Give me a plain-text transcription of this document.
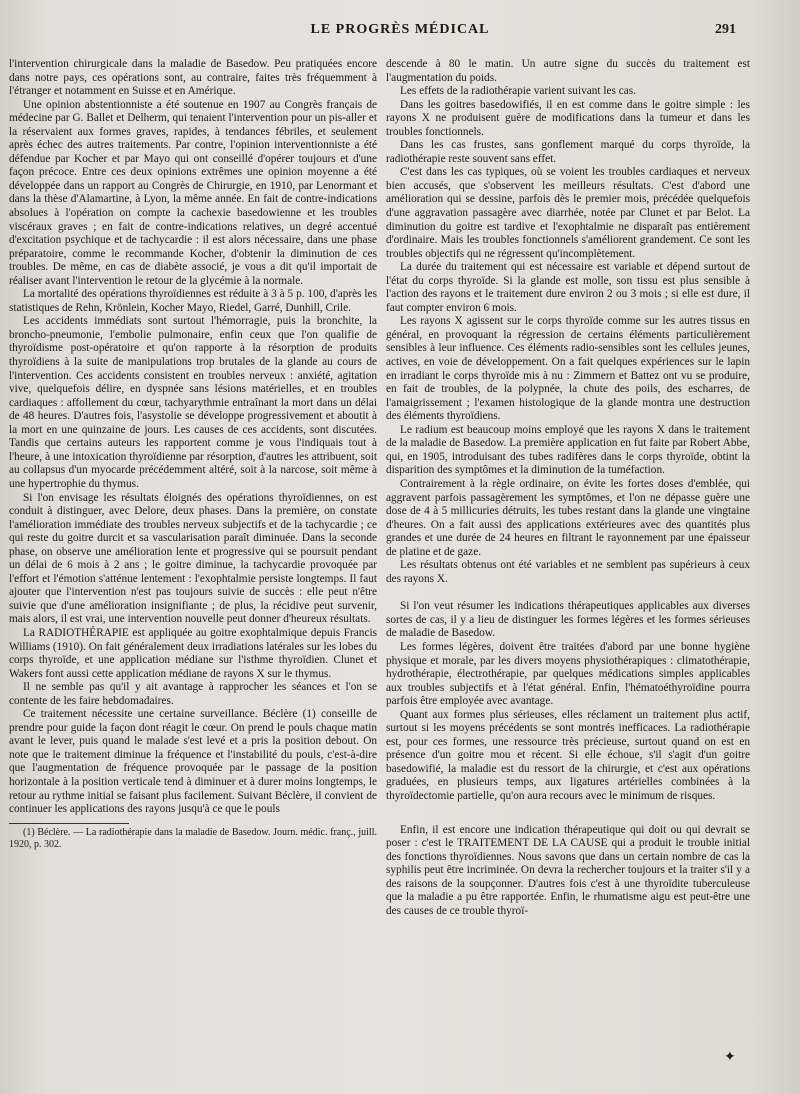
LE PROGRÈS MÉDICAL	291

l'intervention chirurgicale dans la maladie de Basedow. Peu pratiquées encore dans notre pays, ces opérations sont, au contraire, faites très fréquemment à l'étranger et notamment en Suisse et en Amérique.

Une opinion abstentionniste a été soutenue en 1907 au Congrès français de médecine par G. Ballet et Delherm, qui tenaient l'intervention pour un pis-aller et la réservaient aux formes graves, rapides, à tendances fébriles, et seulement après échec des autres traitements. Par contre, l'opinion interventionniste a été défendue par Kocher et par Mayo qui ont conseillé d'opérer toujours et d'une façon précoce. Entre ces deux opinions extrêmes une opinion moyenne a été développée dans un rapport au Congrès de Chirurgie, en 1910, par Lenormant et dans la thèse d'Alamartine, à Lyon, la même année. En fait de contre-indications absolues à l'opération on compte la cachexie basedowienne et les troubles viscéraux graves ; en fait de contre-indications relatives, un degré accentué d'excitation psychique et de tachycardie : il est alors nécessaire, dans une phase préparatoire, comme le recommande Kocher, d'obtenir la diminution de ces troubles. De même, en cas de diabète associé, je vous a dit qu'il importait de réaliser avant l'intervention le retour de la glycémie à la normale.

La mortalité des opérations thyroïdiennes est réduite à 3 à 5 p. 100, d'après les statistiques de Rehn, Krönlein, Kocher Mayo, Riedel, Garré, Dunhill, Crile.

Les accidents immédiats sont surtout l'hémorragie, puis la bronchite, la broncho-pneumonie, l'embolie pulmonaire, enfin ceux que l'on qualifie de thyroïdisme post-opératoire et qu'on rapporte à la résorption de produits thyroïdiens à la suite de manipulations trop brutales de la glande au cours de l'intervention. Ces accidents consistent en troubles nerveux : anxiété, agitation vive, quelquefois délire, en dyspnée sans lésions matérielles, et en troubles cardiaques : affollement du cœur, tachyarythmie entraînant la mort dans un délai de 48 heures. D'autres fois, l'asystolie se développe progressivement et aboutit à la mort en une quinzaine de jours. Les causes de ces accidents, sont discutées. Tandis que certains auteurs les rapportent comme je vous l'indiquais tout à l'heure, à une intoxication thyroïdienne par résorption, d'autres les attribuent, soit au collapsus d'un myocarde précédemment altéré, soit à la narcose, soit même à une hypertrophie du thymus.

Si l'on envisage les résultats éloignés des opérations thyroïdiennes, on est conduit à distinguer, avec Delore, deux phases. Dans la première, on constate l'amélioration immédiate des troubles nerveux subjectifs et de la tachycardie ; ce qui reste du goitre durcit et sa vascularisation paraît diminuée. Dans la seconde phase, on observe une amélioration lente et progressive qui se poursuit pendant un délai de 6 mois à 2 ans ; le goitre diminue, la tachycardie provoquée par l'effort et l'émotion s'atténue lentement : l'exophtalmie persiste longtemps. Il faut ajouter que l'intervention n'est pas toujours suivie de succès : elle peut n'être suivie que d'une amélioration insignifiante ; de plus, la récidive peut survenir, mais alors, il est vrai, une intervention nouvelle peut donner d'heureux résultats.

La RADIOTHÉRAPIE est appliquée au goitre exophtalmique depuis Francis Williams (1910). On fait généralement deux irradiations latérales sur les lobes du corps thyroïde, et une application médiane sur l'isthme thyroïdien. Clunet et Wakers font aussi cette application médiane de rayons X sur le thymus.

Il ne semble pas qu'il y ait avantage à rapprocher les séances et l'on se contente de les faire hebdomadaires.

Ce traitement nécessite une certaine surveillance. Béclère (1) conseille de prendre pour guide la façon dont réagit le cœur. On prend le pouls chaque matin avant le lever, puis quand le malade s'est levé et a pris la position debout. On note que le traitement diminue la fréquence et l'instabilité du pouls, c'est-à-dire que l'augmentation de fréquence provoquée par le passage de la position horizontale à la position verticale tend à diminuer et à durer moins longtemps, le retour au rythme initial se faisant plus facilement. Suivant Béclère, il convient de continuer les applications des rayons jusqu'à ce que le pouls

(1) Béclère. — La radiothérapie dans la maladie de Basedow. Journ. médic. franç., juill. 1920, p. 302.

descende à 80 le matin. Un autre signe du succès du traitement est l'augmentation du poids.

Les effets de la radiothérapie varient suivant les cas.

Dans les goitres basedowifiés, il en est comme dans le goitre simple : les rayons X ne produisent guère de modifications dans la tumeur et dans les troubles fonctionnels.

Dans les cas frustes, sans gonflement marqué du corps thyroïde, la radiothérapie reste souvent sans effet.

C'est dans les cas typiques, où se voient les troubles cardiaques et nerveux bien accusés, que s'observent les meilleurs résultats. C'est d'abord une amélioration qui se dessine, parfois dès le premier mois, précédée quelquefois d'une aggravation passagère avec diarrhée, notée par Clunet et par Belot. La diminution du goitre est tardive et l'exophtalmie ne disparaît pas entièrement d'ordinaire. Mais les troubles fonctionnels s'améliorent grandement. Ce sont les troubles objectifs qui ne régressent qu'incomplètement.

La durée du traitement qui est nécessaire est variable et dépend surtout de l'état du corps thyroïde. Si la glande est molle, son tissu est plus sensible à l'action des rayons et le traitement dure environ 2 ou 3 mois ; si elle est dure, il faut compter environ 6 mois.

Les rayons X agissent sur le corps thyroïde comme sur les autres tissus en général, en provoquant la régression de certains éléments particulièrement sensibles à leur influence. Ces éléments radio-sensibles sont les cellules jeunes, actives, en voie de développement. On a fait quelques expériences sur le lapin en irradiant le corps thyroïde mis à nu : Zimmern et Battez ont vu se produire, en fait de troubles, de la polypnée, la chute des poils, des escharres, de l'amaigrissement ; l'examen histologique de la glande montra une destruction des éléments thyroïdiens.

Le radium est beaucoup moins employé que les rayons X dans le traitement de la maladie de Basedow. La première application en fut faite par Robert Abbe, qui, en 1905, introduisant des tubes radifères dans le corps thyroïde, obtint la disparition des symptômes et la diminution de la tuméfaction.

Contrairement à la règle ordinaire, on évite les fortes doses d'emblée, qui aggravent parfois passagèrement les symptômes, et l'on ne dépasse guère une dose de 4 à 5 millicuries détruits, les tubes restant dans la glande une vingtaine d'heures. On a fait aussi des applications extérieures avec des quantités plus grandes et une durée de 24 heures en filtrant le rayonnement par une épaisseur de platine et de gaze.

Les résultats obtenus ont été variables et ne semblent pas supérieurs à ceux des rayons X.

Si l'on veut résumer les indications thérapeutiques applicables aux diverses sortes de cas, il y a lieu de distinguer les formes légères et les formes sérieuses de maladie de Basedow.

Les formes légères, doivent être traitées d'abord par une bonne hygiène physique et morale, par les divers moyens physiothérapiques : climatothérapie, hydrothérapie, électrothérapie, par quelques médications simples applicables aux troubles subjectifs et à l'état général. Enfin, l'hématoéthyroïdine pourra parfois être employée avec avantage.

Quant aux formes plus sérieuses, elles réclament un traitement plus actif, surtout si les moyens précédents se sont montrés inefficaces. La radiothérapie est, pour ces formes, une ressource très précieuse, surtout quand on est en présence d'un goitre mou et récent. Si elle échoue, s'il s'agit d'un goitre basedowifié, la maladie est du ressort de la chirurgie, et c'est aux opérations graduées, en plusieurs temps, aux ligatures artérielles combinées à la thyroïdectomie partielle, qu'on aura recours avec le minimum de risques.

Enfin, il est encore une indication thérapeutique qui doit ou qui devrait se poser : c'est le TRAITEMENT DE LA CAUSE qui a produit le trouble initial des fonctions thyroïdiennes. Nous savons que dans un certain nombre de cas la syphilis peut être incriminée. On devra la rechercher toujours et la traiter s'il y a des raisons de la soupçonner. D'autres fois c'est à une thyroïdite tuberculeuse que la maladie a pu être rapportée. Enfin, le rhumatisme aigu est peut-être une des causes de ce trouble thyroï-

✦
